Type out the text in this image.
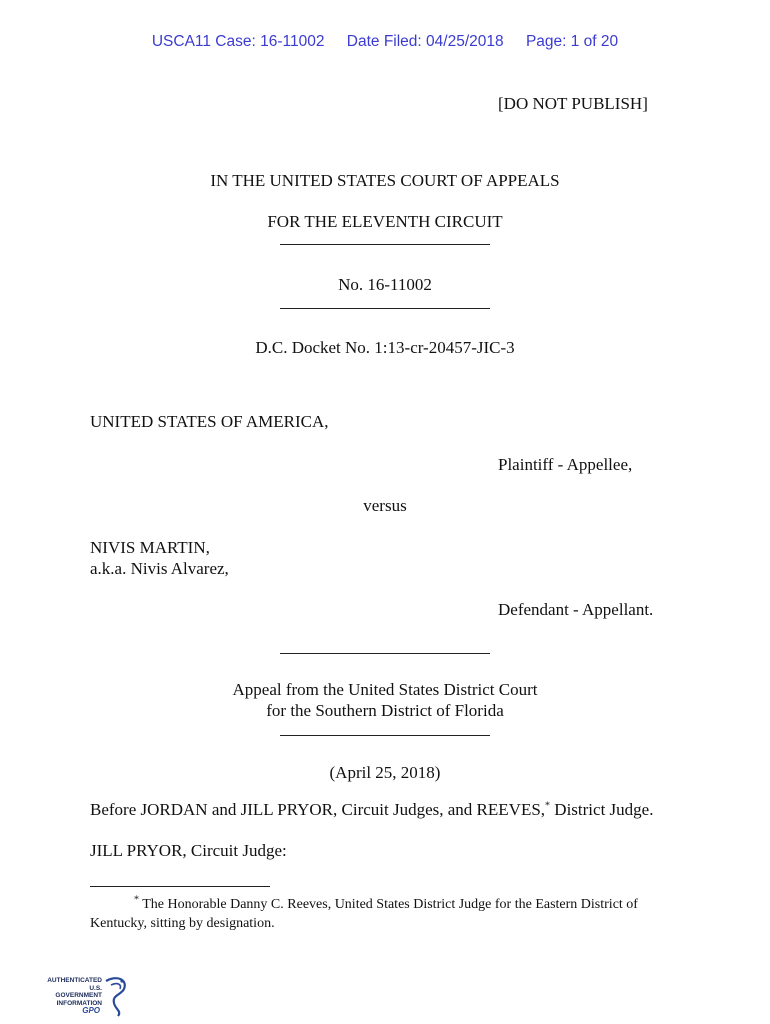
USCA11 Case: 16-11002 Date Filed: 04/25/2018 Page: 1 of 20
[DO NOT PUBLISH]
IN THE UNITED STATES COURT OF APPEALS
FOR THE ELEVENTH CIRCUIT
No. 16-11002
D.C. Docket No. 1:13-cr-20457-JIC-3
UNITED STATES OF AMERICA,
Plaintiff - Appellee,
versus
NIVIS MARTIN,
a.k.a. Nivis Alvarez,
Defendant - Appellant.
Appeal from the United States District Court
for the Southern District of Florida
(April 25, 2018)
Before JORDAN and JILL PRYOR, Circuit Judges, and REEVES,* District Judge.
JILL PRYOR, Circuit Judge:
* The Honorable Danny C. Reeves, United States District Judge for the Eastern District of
Kentucky, sitting by designation.
AUTHENTICATED
U.S. GOVERNMENT
INFORMATION
GPO
